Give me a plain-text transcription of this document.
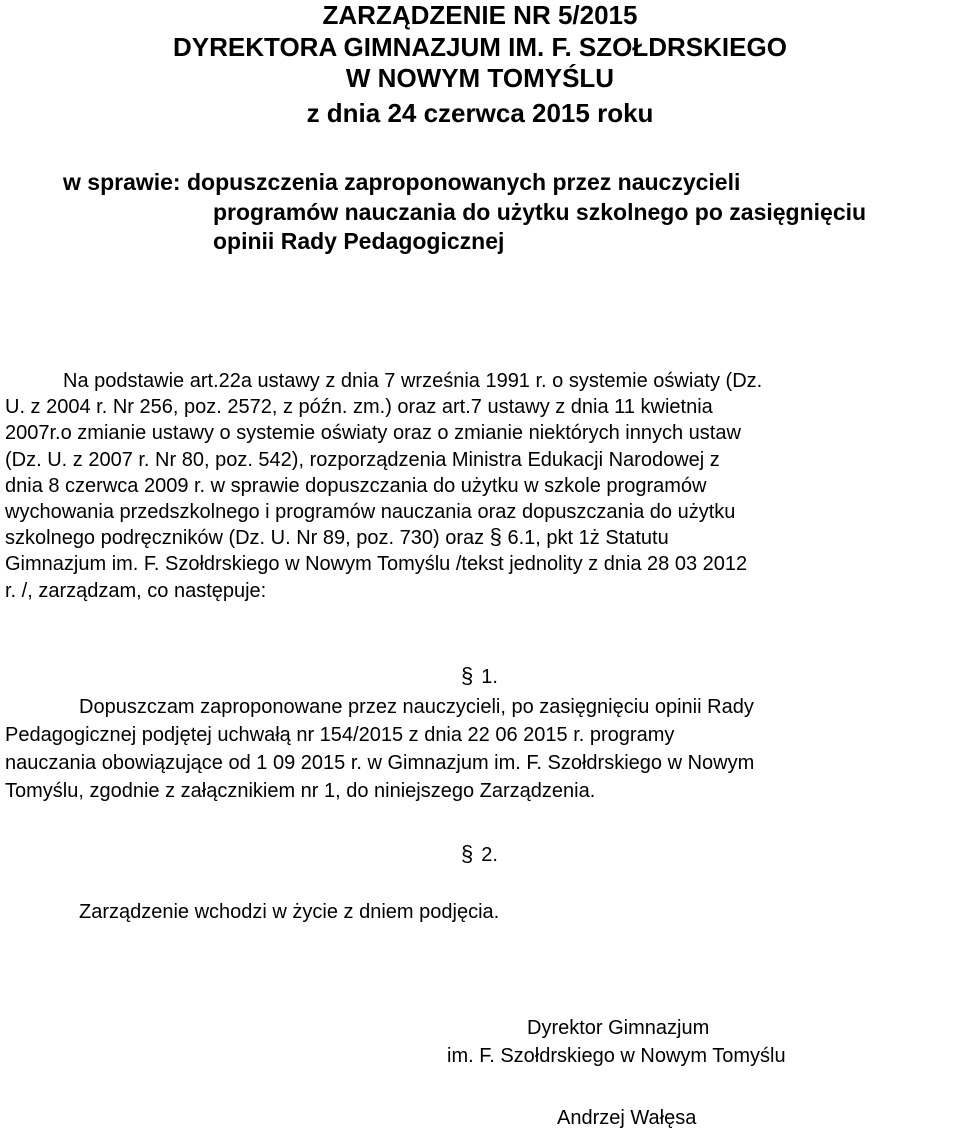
ZARZĄDZENIE NR 5/2015
DYREKTORA GIMNAZJUM IM. F. SZOŁDRSKIEGO
W NOWYM TOMYŚLU
z dnia 24 czerwca 2015 roku
w sprawie: dopuszczenia zaproponowanych przez nauczycieli
programów nauczania do użytku szkolnego po zasięgnięciu
opinii Rady Pedagogicznej
Na podstawie art.22a ustawy z dnia 7 września 1991 r. o systemie oświaty (Dz.
U. z 2004 r. Nr 256, poz. 2572, z późn. zm.) oraz art.7 ustawy z dnia 11 kwietnia
2007r.o zmianie ustawy o systemie oświaty oraz o zmianie niektórych innych ustaw
(Dz. U. z 2007 r. Nr 80, poz. 542), rozporządzenia Ministra Edukacji Narodowej z
dnia 8 czerwca 2009 r. w sprawie dopuszczania do użytku w szkole programów
wychowania przedszkolnego i programów nauczania oraz dopuszczania do użytku
szkolnego podręczników (Dz. U. Nr 89, poz. 730) oraz § 6.1, pkt 1ż Statutu
Gimnazjum im. F. Szołdrskiego w Nowym Tomyślu /tekst jednolity z dnia 28 03 2012
r. /, zarządzam, co następuje:
§ 1.
Dopuszczam zaproponowane przez nauczycieli, po zasięgnięciu opinii Rady
Pedagogicznej podjętej uchwałą nr 154/2015 z dnia 22 06 2015 r. programy
nauczania obowiązujące od 1 09 2015 r. w Gimnazjum im. F. Szołdrskiego w Nowym
Tomyślu, zgodnie z załącznikiem nr 1, do niniejszego Zarządzenia.
§ 2.
Zarządzenie wchodzi w życie z dniem podjęcia.
Dyrektor Gimnazjum
im. F. Szołdrskiego w Nowym Tomyślu
Andrzej Wałęsa
